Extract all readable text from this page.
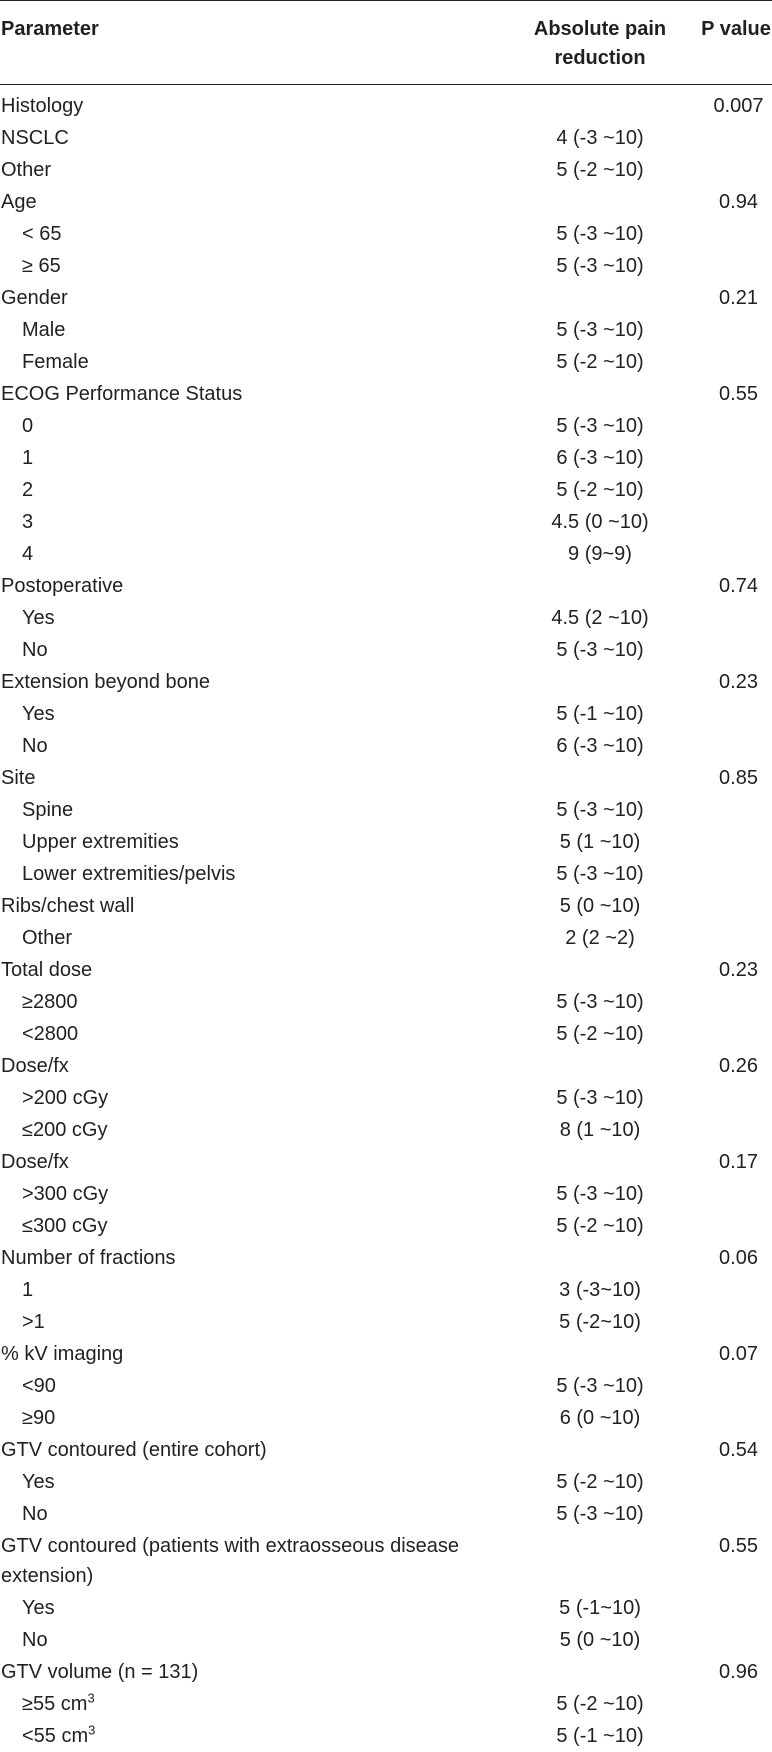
Parameter	Absolute pain reduction	P value
Histology		0.007
NSCLC	4 (-3 ~10)	
Other	5 (-2 ~10)	
Age		0.94
< 65	5 (-3 ~10)	
≥ 65	5 (-3 ~10)	
Gender		0.21
Male	5 (-3 ~10)	
Female	5 (-2 ~10)	
ECOG Performance Status		0.55
0	5 (-3 ~10)	
1	6 (-3 ~10)	
2	5 (-2 ~10)	
3	4.5 (0 ~10)	
4	9 (9~9)	
Postoperative		0.74
Yes	4.5 (2 ~10)	
No	5 (-3 ~10)	
Extension beyond bone		0.23
Yes	5 (-1 ~10)	
No	6 (-3 ~10)	
Site		0.85
Spine	5 (-3 ~10)	
Upper extremities	5 (1 ~10)	
Lower extremities/pelvis	5 (-3 ~10)	
Ribs/chest wall	5 (0 ~10)	
Other	2 (2 ~2)	
Total dose		0.23
≥2800	5 (-3 ~10)	
<2800	5 (-2 ~10)	
Dose/fx		0.26
>200 cGy	5 (-3 ~10)	
≤200 cGy	8 (1 ~10)	
Dose/fx		0.17
>300 cGy	5 (-3 ~10)	
≤300 cGy	5 (-2 ~10)	
Number of fractions		0.06
1	3 (-3~10)	
>1	5 (-2~10)	
% kV imaging		0.07
<90	5 (-3 ~10)	
≥90	6 (0 ~10)	
GTV contoured (entire cohort)		0.54
Yes	5 (-2 ~10)	
No	5 (-3 ~10)	
GTV contoured (patients with extraosseous disease extension)		0.55
Yes	5 (-1~10)	
No	5 (0 ~10)	
GTV volume (n = 131)		0.96
≥55 $cm^3$	5 (-2 ~10)	
<55 $cm^3$	5 (-1 ~10)	
